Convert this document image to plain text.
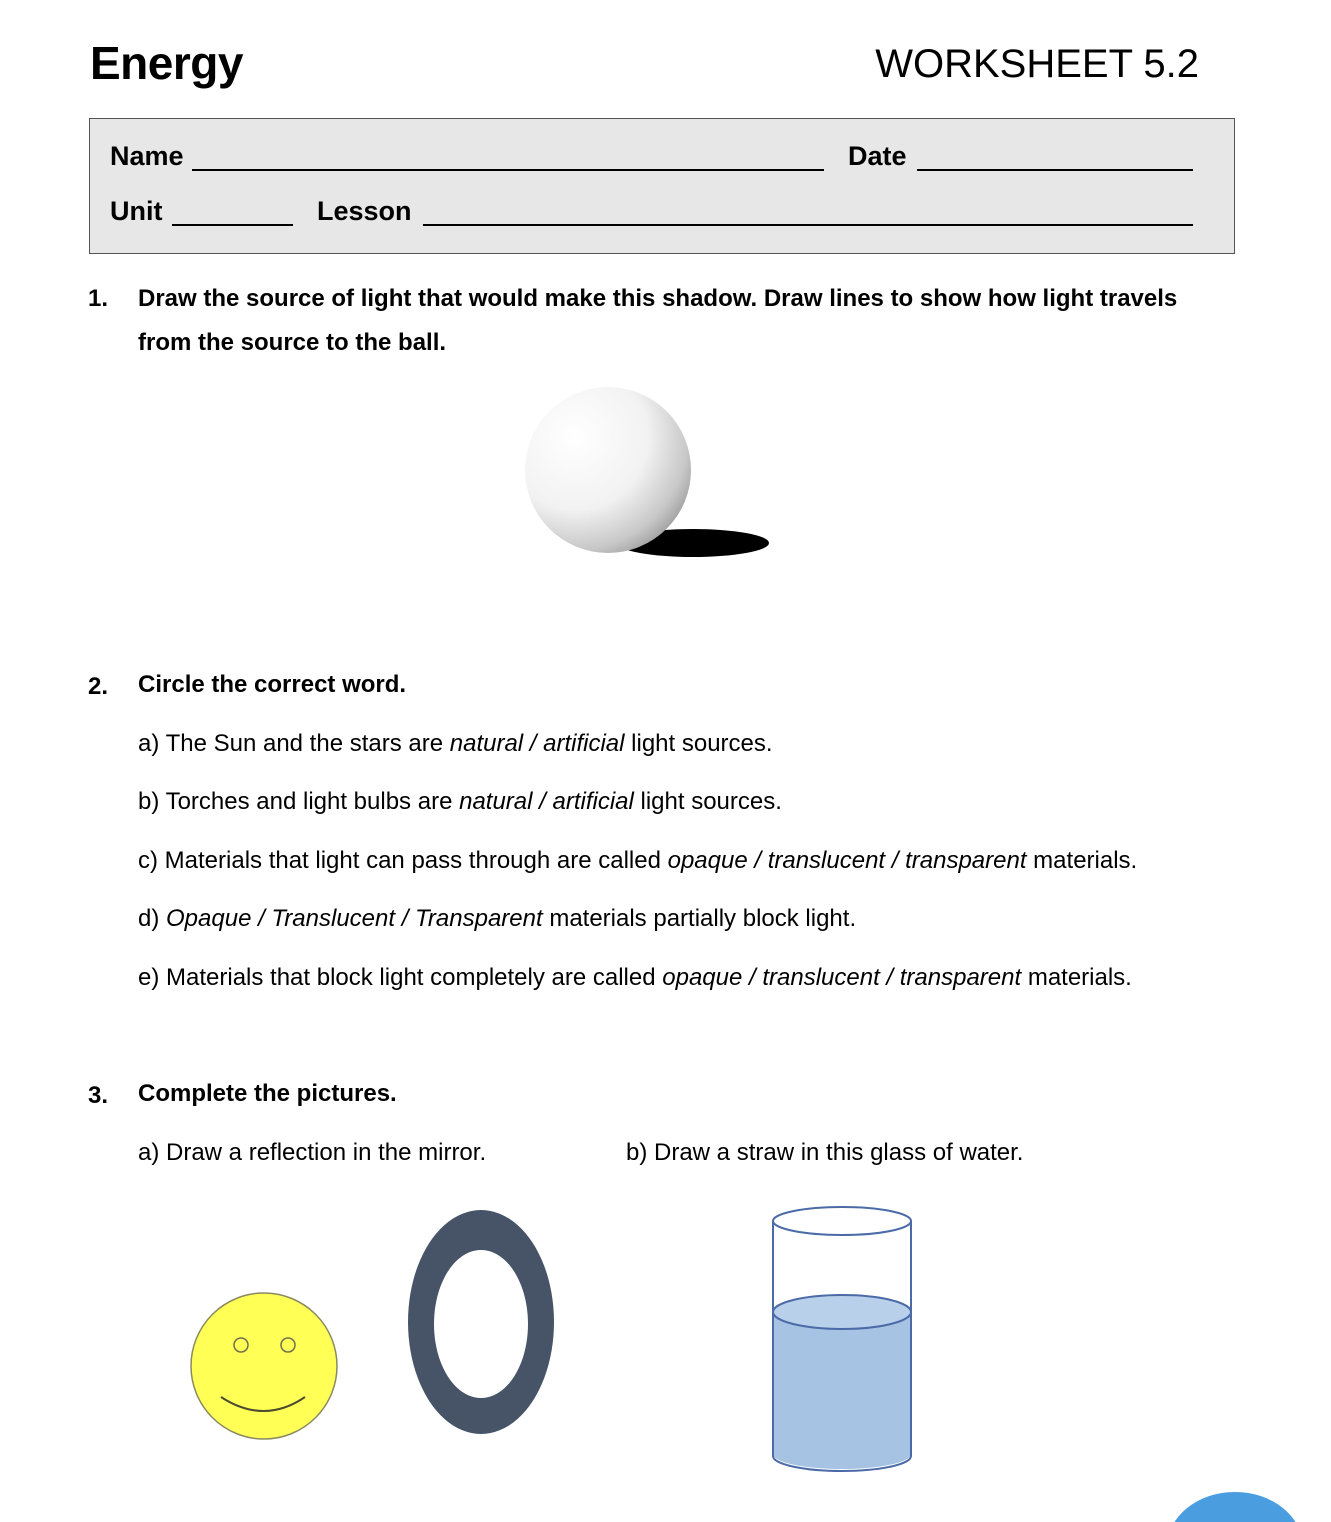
Energy	WORKSHEET 5.2
Name	Date
Unit	Lesson
1. Draw the source of light that would make this shadow. Draw lines to show how light travels from the source to the ball.
2. Circle the correct word.
a) The Sun and the stars are natural / artificial light sources.
b) Torches and light bulbs are natural / artificial light sources.
c) Materials that light can pass through are called opaque / translucent / transparent materials.
d) Opaque / Translucent / Transparent materials partially block light.
e) Materials that block light completely are called opaque / translucent / transparent materials.
3. Complete the pictures.
a) Draw a reflection in the mirror.	b) Draw a straw in this glass of water.
